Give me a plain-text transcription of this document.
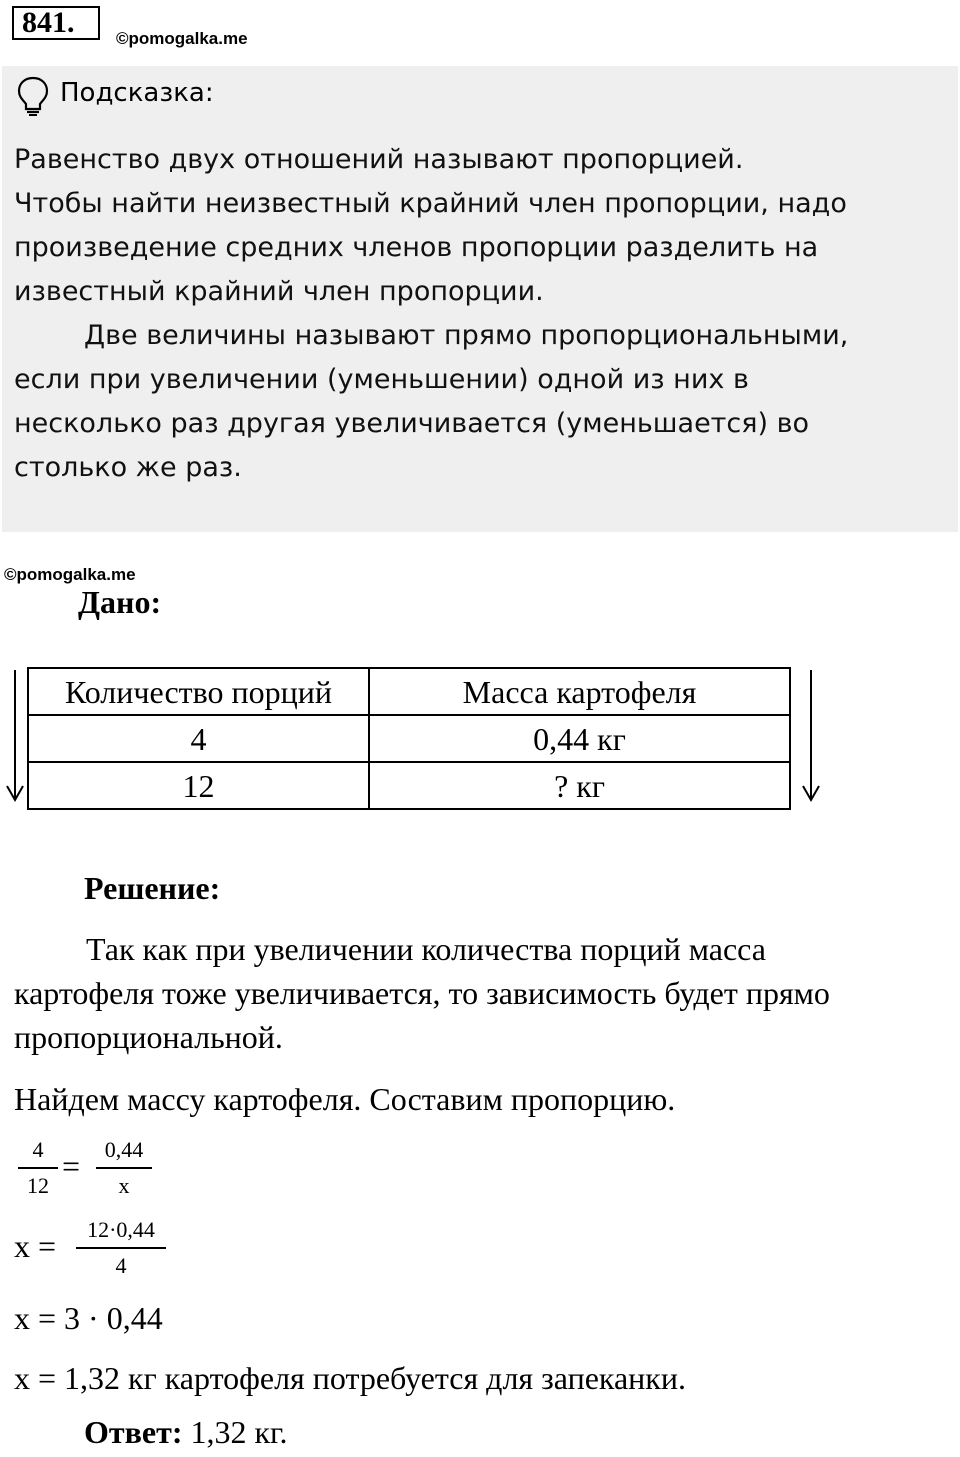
841.	©pomogalka.me
Подсказка:
Равенство двух отношений называют пропорцией.
Чтобы найти неизвестный крайний член пропорции, надо
произведение средних членов пропорции разделить на
известный крайний член пропорции.
Две величины называют прямо пропорциональными,
если при увеличении (уменьшении) одной из них в
несколько раз другая увеличивается (уменьшается) во
столько же раз.
©pomogalka.me
Дано:
Количество порций	Масса картофеля
4	0,44 кг
12	? кг
Решение:
Так как при увеличении количества порций масса
картофеля тоже увеличивается, то зависимость будет прямо
пропорциональной.
Найдем массу картофеля. Составим пропорцию.
4
12
=	0,44
x
x =	12·0,44
4
x = 3 · 0,44
x = 1,32 кг картофеля потребуется для запеканки.
Ответ: 1,32 кг.
